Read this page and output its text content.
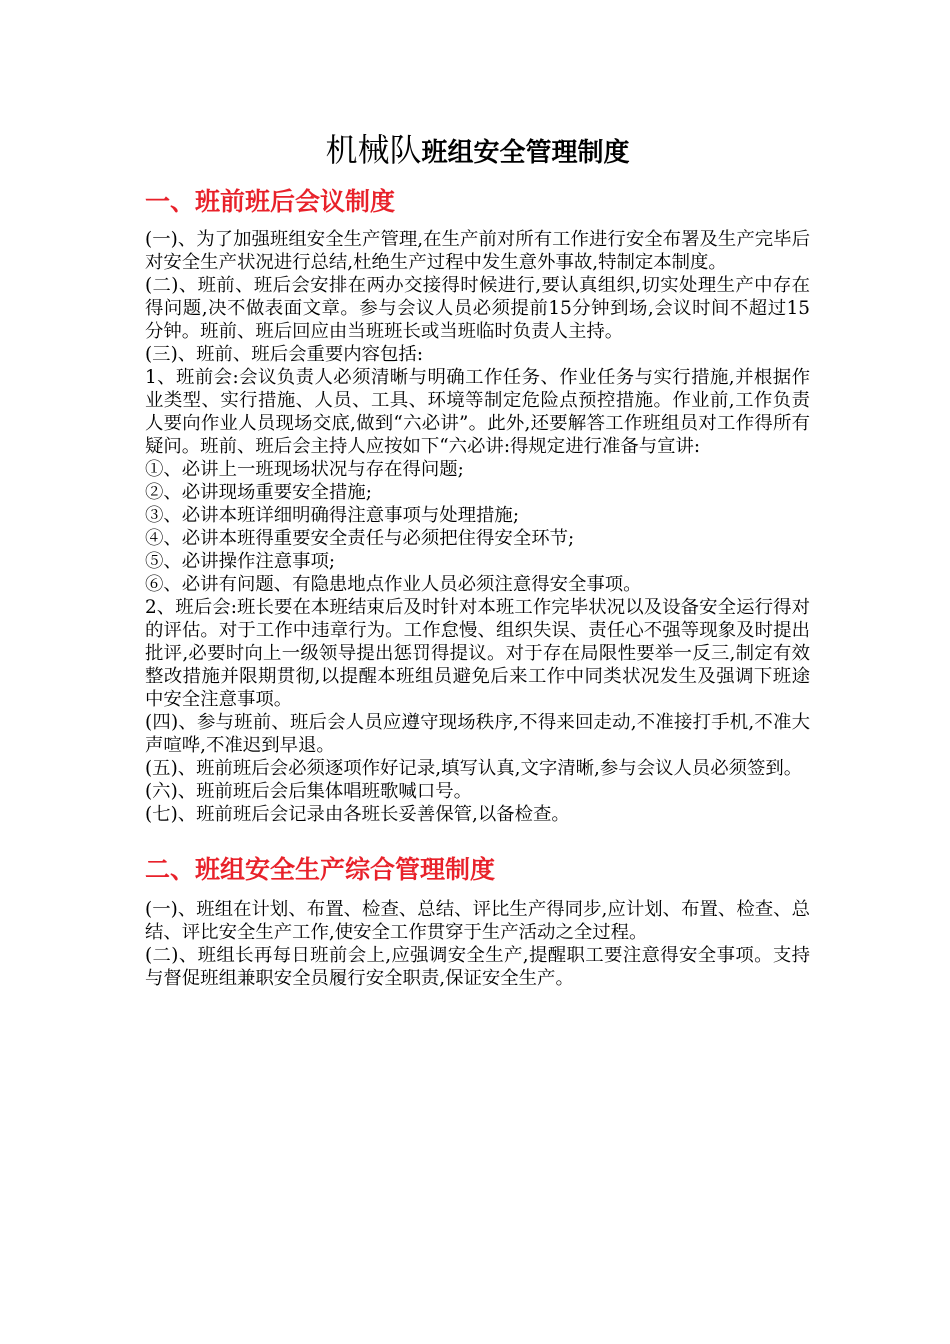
机械队班组安全管理制度
一、班前班后会议制度

(一)、为了加强班组安全生产管理,在生产前对所有工作进行安全布署及生产完毕后对安全生产状况进行总结,杜绝生产过程中发生意外事故,特制定本制度。

(二)、班前、班后会安排在两办交接得时候进行,要认真组织,切实处理生产中存在得问题,决不做表面文章。参与会议人员必须提前15分钟到场,会议时间不超过15分钟。班前、班后回应由当班班长或当班临时负责人主持。

(三)、班前、班后会重要内容包括:

1、班前会:会议负责人必须清晰与明确工作任务、作业任务与实行措施,并根据作业类型、实行措施、人员、工具、环境等制定危险点预控措施。作业前,工作负责人要向作业人员现场交底,做到“六必讲”。此外,还要解答工作班组员对工作得所有疑问。班前、班后会主持人应按如下“六必讲:得规定进行准备与宣讲:

①、必讲上一班现场状况与存在得问题;

②、必讲现场重要安全措施;

③、必讲本班详细明确得注意事项与处理措施;

④、必讲本班得重要安全责任与必须把住得安全环节;

⑤、必讲操作注意事项;

⑥、必讲有问题、有隐患地点作业人员必须注意得安全事项。

2、班后会:班长要在本班结束后及时针对本班工作完毕状况以及设备安全运行得对的评估。对于工作中违章行为。工作怠慢、组织失误、责任心不强等现象及时提出批评,必要时向上一级领导提出惩罚得提议。对于存在局限性要举一反三,制定有效整改措施并限期贯彻,以提醒本班组员避免后来工作中同类状况发生及强调下班途中安全注意事项。

(四)、参与班前、班后会人员应遵守现场秩序,不得来回走动,不准接打手机,不准大声喧哗,不准迟到早退。

(五)、班前班后会必须逐项作好记录,填写认真,文字清晰,参与会议人员必须签到。

(六)、班前班后会后集体唱班歌喊口号。

(七)、班前班后会记录由各班长妥善保管,以备检查。

二、班组安全生产综合管理制度

(一)、班组在计划、布置、检查、总结、评比生产得同步,应计划、布置、检查、总结、评比安全生产工作,使安全工作贯穿于生产活动之全过程。

(二)、班组长再每日班前会上,应强调安全生产,提醒职工要注意得安全事项。支持与督促班组兼职安全员履行安全职责,保证安全生产。
